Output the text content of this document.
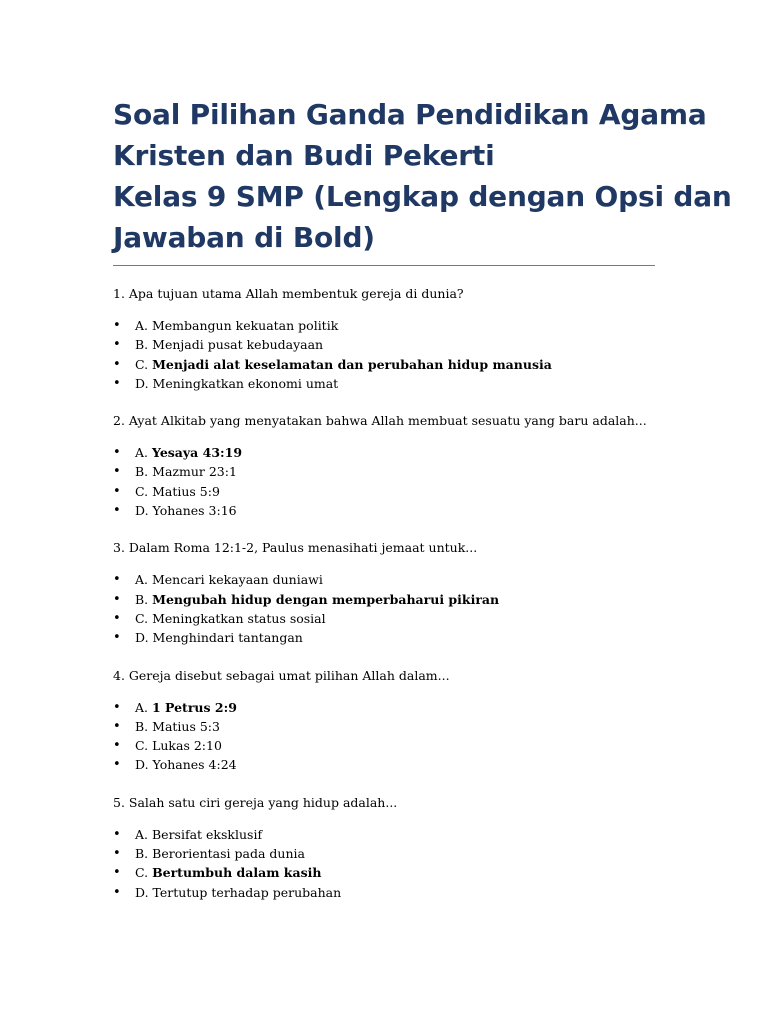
Soal Pilihan Ganda Pendidikan Agama
Kristen dan Budi Pekerti
Kelas 9 SMP (Lengkap dengan Opsi dan
Jawaban di Bold)

1. Apa tujuan utama Allah membentuk gereja di dunia?

• A. Membangun kekuatan politik
• B. Menjadi pusat kebudayaan
• C. Menjadi alat keselamatan dan perubahan hidup manusia
• D. Meningkatkan ekonomi umat

2. Ayat Alkitab yang menyatakan bahwa Allah membuat sesuatu yang baru adalah...

• A. Yesaya 43:19
• B. Mazmur 23:1
• C. Matius 5:9
• D. Yohanes 3:16

3. Dalam Roma 12:1-2, Paulus menasihati jemaat untuk...

• A. Mencari kekayaan duniawi
• B. Mengubah hidup dengan memperbaharui pikiran
• C. Meningkatkan status sosial
• D. Menghindari tantangan

4. Gereja disebut sebagai umat pilihan Allah dalam...

• A. 1 Petrus 2:9
• B. Matius 5:3
• C. Lukas 2:10
• D. Yohanes 4:24

5. Salah satu ciri gereja yang hidup adalah...

• A. Bersifat eksklusif
• B. Berorientasi pada dunia
• C. Bertumbuh dalam kasih
• D. Tertutup terhadap perubahan
